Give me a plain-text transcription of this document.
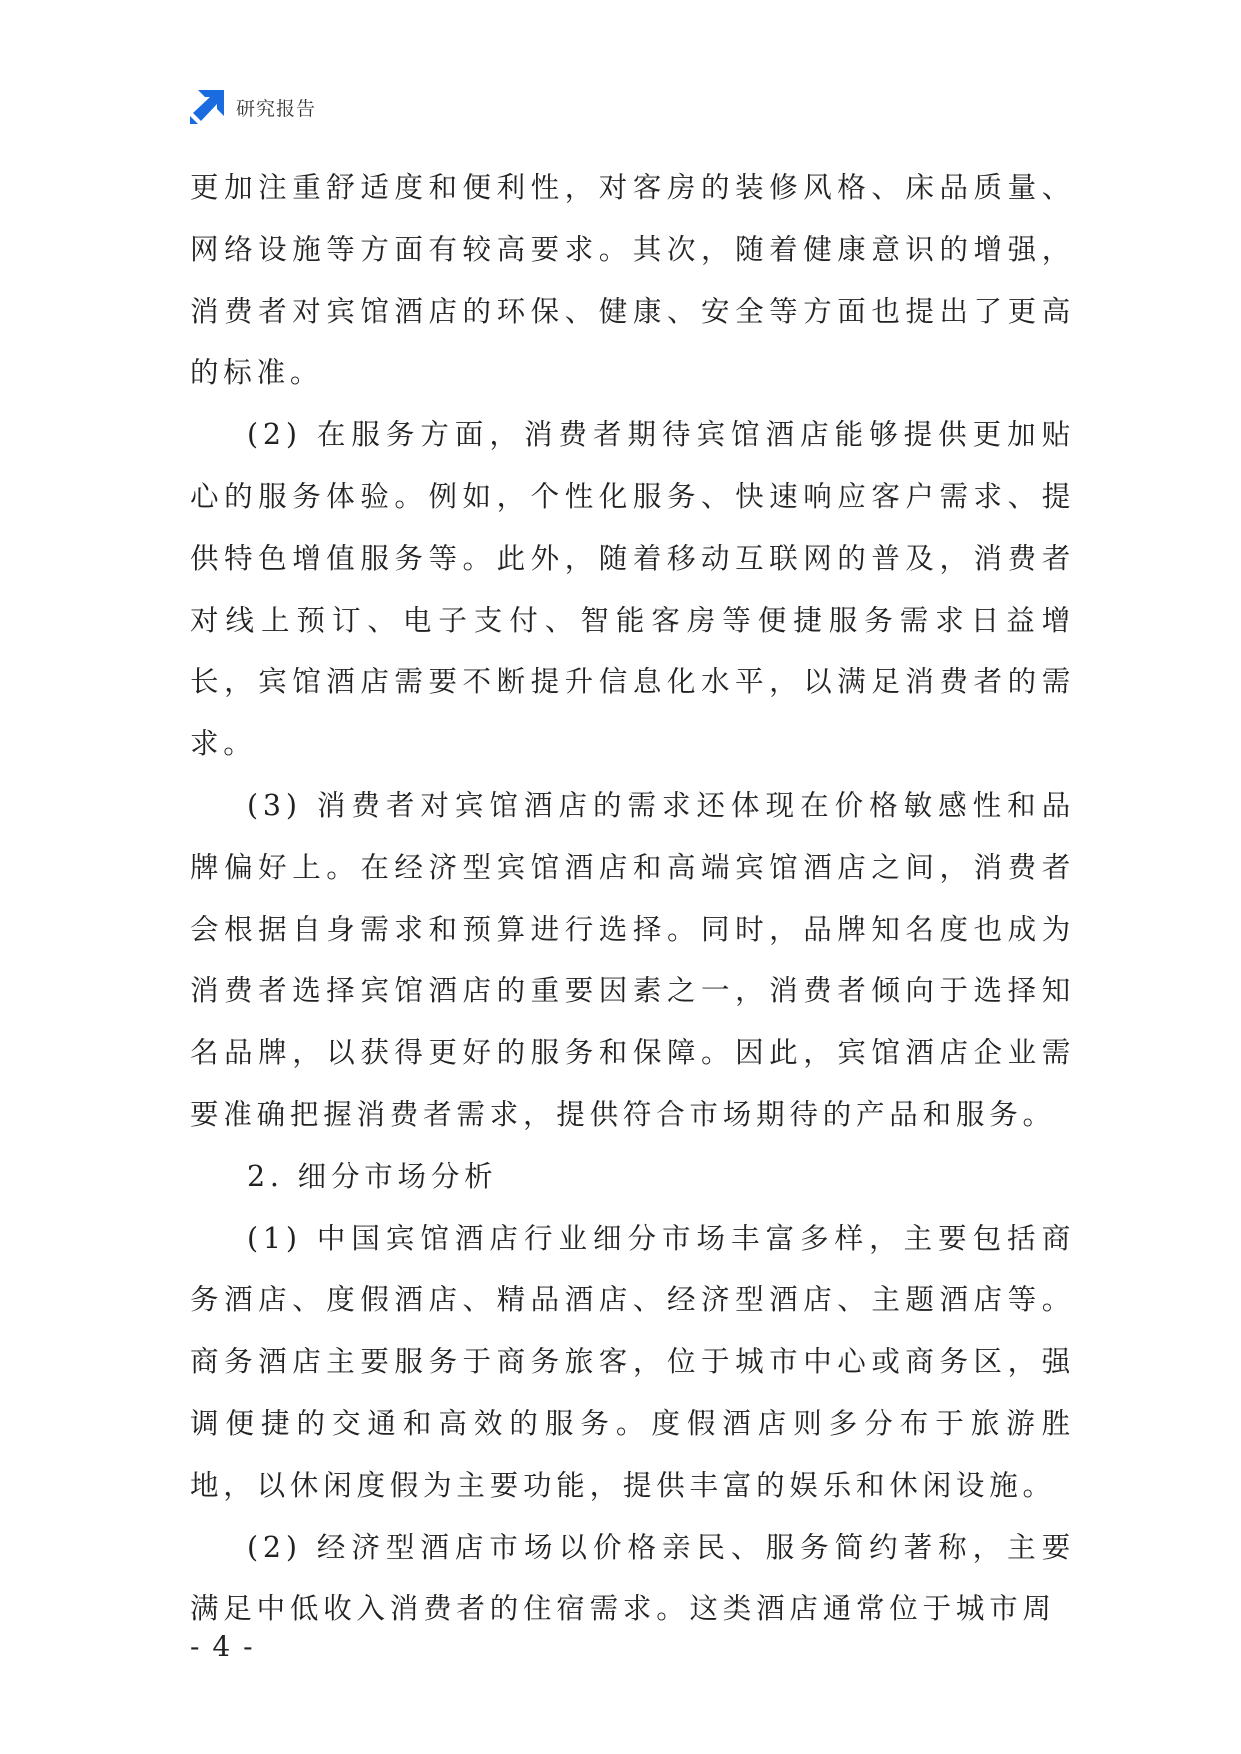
研究报告

更加注重舒适度和便利性，对客房的装修风格、床品质量、网络设施等方面有较高要求。其次，随着健康意识的增强，消费者对宾馆酒店的环保、健康、安全等方面也提出了更高的标准。

(2) 在服务方面，消费者期待宾馆酒店能够提供更加贴心的服务体验。例如，个性化服务、快速响应客户需求、提供特色增值服务等。此外，随着移动互联网的普及，消费者对线上预订、电子支付、智能客房等便捷服务需求日益增长，宾馆酒店需要不断提升信息化水平，以满足消费者的需求。

(3) 消费者对宾馆酒店的需求还体现在价格敏感性和品牌偏好上。在经济型宾馆酒店和高端宾馆酒店之间，消费者会根据自身需求和预算进行选择。同时，品牌知名度也成为消费者选择宾馆酒店的重要因素之一，消费者倾向于选择知名品牌，以获得更好的服务和保障。因此，宾馆酒店企业需要准确把握消费者需求，提供符合市场期待的产品和服务。

2. 细分市场分析

(1) 中国宾馆酒店行业细分市场丰富多样，主要包括商务酒店、度假酒店、精品酒店、经济型酒店、主题酒店等。商务酒店主要服务于商务旅客，位于城市中心或商务区，强调便捷的交通和高效的服务。度假酒店则多分布于旅游胜地，以休闲度假为主要功能，提供丰富的娱乐和休闲设施。

(2) 经济型酒店市场以价格亲民、服务简约著称，主要满足中低收入消费者的住宿需求。这类酒店通常位于城市周

- 4 -
